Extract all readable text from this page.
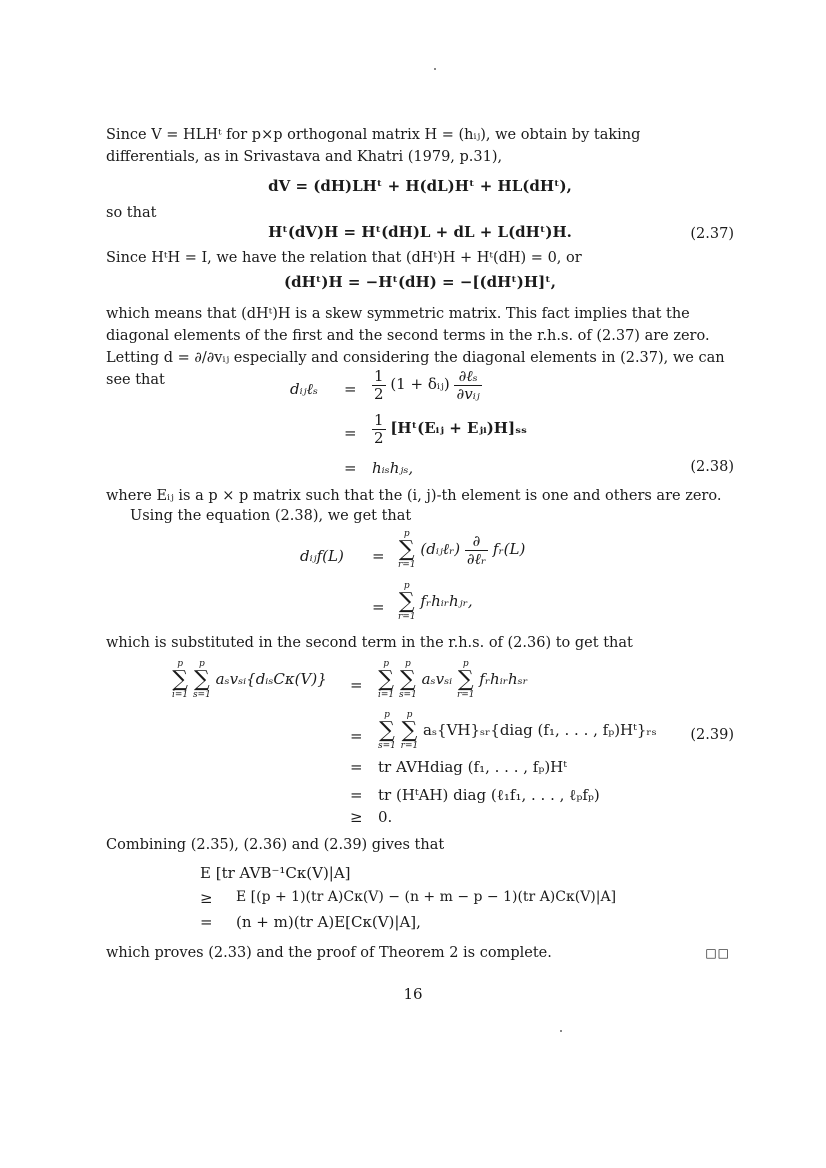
Since V = HLHᵗ for p×p orthogonal matrix H = (hᵢⱼ), we obtain by taking differentials, as in Srivastava and Khatri (1979, p.31),
dV = (dH)LHᵗ + H(dL)Hᵗ + HL(dHᵗ),
so that
Hᵗ(dV)H = Hᵗ(dH)L + dL + L(dHᵗ)H.	(2.37)
Since HᵗH = I, we have the relation that (dHᵗ)H + Hᵗ(dH) = 0, or
(dHᵗ)H = −Hᵗ(dH) = −[(dHᵗ)H]ᵗ,
which means that (dHᵗ)H is a skew symmetric matrix. This fact implies that the diagonal elements of the first and the second terms in the r.h.s. of (2.37) are zero. Letting d = ∂/∂vᵢⱼ especially and considering the diagonal elements in (2.37), we can see that	dᵢⱼℓₛ	= $\frac{1}{2} (1$ + δᵢⱼ) $\frac{\text{∂ℓₛ}}{\text{∂vᵢⱼ}}$
= $\frac{1}{2}$ [Hᵗ(Eᵢⱼ + Eⱼᵢ)H]ₛₛ
= hᵢₛhⱼₛ,	(2.38)
where Eᵢⱼ is a p × p matrix such that the (i, j)-th element is one and others are zero.
Using the equation (2.38), we get that
dᵢⱼf(L) =
p
∑
r=1
(dᵢⱼℓᵣ) $\frac{\partial}{\text{∂ℓᵣ}}$ fᵣ(L)
=
p
∑
r=1
fᵣhᵢᵣhⱼᵣ,
which is substituted in the second term in the r.h.s. of (2.36) to get that
p
∑
i=1

p
∑
s=1
aₛvₛᵢ{dᵢₛCκ(V)} =
p
∑
i=1

p
∑
s=1
aₛvₛᵢ
p
∑
r=1
fᵣhᵢᵣhₛᵣ
=
p
∑
s=1

p
∑
r=1
aₛ{VH}ₛᵣ{diag (f₁, . . . , fₚ)Hᵗ}ᵣₛ (2.39)
= tr AVHdiag (f₁, . . . , fₚ)Hᵗ
= tr (HᵗAH) diag (ℓ₁f₁, . . . , ℓₚfₚ)
≥ 0.
Combining (2.35), (2.36) and (2.39) gives that
E [tr AVB⁻¹Cκ(V)|A]
≥ E [(p + 1)(tr A)Cκ(V) − (n + m − p − 1)(tr A)Cκ(V)|A]
= (n + m)(tr A)E[Cκ(V)|A],
which proves (2.33) and the proof of Theorem 2 is complete.	□□
16
